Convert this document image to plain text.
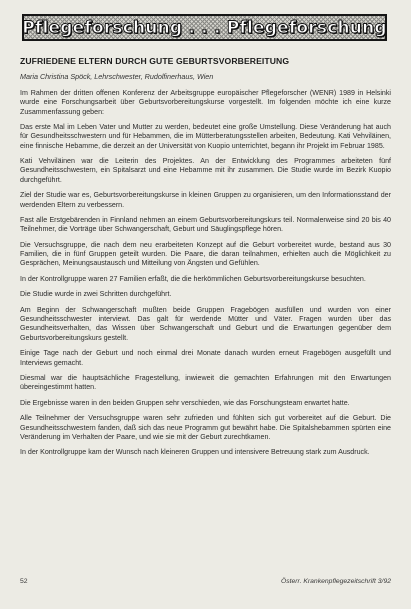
Pflegeforschung . . . Pflegeforschung
ZUFRIEDENE ELTERN DURCH GUTE GEBURTSVORBEREITUNG
Maria Christina Spöck, Lehrschwester, Rudolfinerhaus, Wien

Im Rahmen der dritten offenen Konferenz der Arbeitsgruppe europäischer Pflegeforscher (WENR) 1989 in Helsinki wurde eine Forschungsarbeit über Geburtsvorbereitungskurse vorgestellt. Im folgenden möchte ich eine kurze Zusammenfassung geben:

Das erste Mal im Leben Vater und Mutter zu werden, bedeutet eine große Umstellung. Diese Veränderung hat auch für Gesundheitsschwestern und für Hebammen, die im Mütterberatungsstellen arbeiten, Bedeutung. Kati Vehviläinen, eine finnische Hebamme, die derzeit an der Universität von Kuopio unterrichtet, begann ihr Projekt im Februar 1985.

Kati Vehviläinen war die Leiterin des Projektes. An der Entwicklung des Programmes arbeiteten fünf Gesundheitsschwestern, ein Spitalsarzt und eine Hebamme mit ihr zusammen. Die Studie wurde im Bezirk Kuopio durchgeführt.

Ziel der Studie war es, Geburtsvorbereitungskurse in kleinen Gruppen zu organisieren, um den Informationsstand der werdenden Eltern zu verbessern.

Fast alle Erstgebärenden in Finnland nehmen an einem Geburtsvorbereitungskurs teil. Normalerweise sind 20 bis 40 Teilnehmer, die Vorträge über Schwangerschaft, Geburt und Säuglingspflege hören.

Die Versuchsgruppe, die nach dem neu erarbeiteten Konzept auf die Geburt vorbereitet wurde, bestand aus 30 Familien, die in fünf Gruppen geteilt wurden. Die Paare, die daran teilnahmen, erhielten auch die Möglichkeit zu Gesprächen, Meinungsaustausch und Mitteilung von Ängsten und Gefühlen.

In der Kontrollgruppe waren 27 Familien erfaßt, die die herkömmlichen Geburtsvorbereitungskurse besuchten.

Die Studie wurde in zwei Schritten durchgeführt.

Am Beginn der Schwangerschaft mußten beide Gruppen Fragebögen ausfüllen und wurden von einer Gesundheitsschwester interviewt. Das galt für werdende Mütter und Väter. Fragen wurden über das Gesundheitsverhalten, das Wissen über Schwangerschaft und Geburt und die Erwartungen gegenüber dem Geburtsvorbereitungskurs gestellt.

Einige Tage nach der Geburt und noch einmal drei Monate danach wurden erneut Fragebögen ausgefüllt und Interviews gemacht.

Diesmal war die hauptsächliche Fragestellung, inwieweit die gemachten Erfahrungen mit den Erwartungen übereingestimmt hatten.

Die Ergebnisse waren in den beiden Gruppen sehr verschieden, wie das Forschungsteam erwartet hatte.

Alle Teilnehmer der Versuchsgruppe waren sehr zufrieden und fühlten sich gut vorbereitet auf die Geburt. Die Gesundheitsschwestern fanden, daß sich das neue Programm gut bewährt habe. Die Spitalshebammen spürten eine Veränderung im Verhalten der Paare, und wie sie mit der Geburt zurechtkamen.

In der Kontrollgruppe kam der Wunsch nach kleineren Gruppen und intensivere Betreuung stark zum Ausdruck.

52	Österr. Krankenpflegezeitschrift 3/92
